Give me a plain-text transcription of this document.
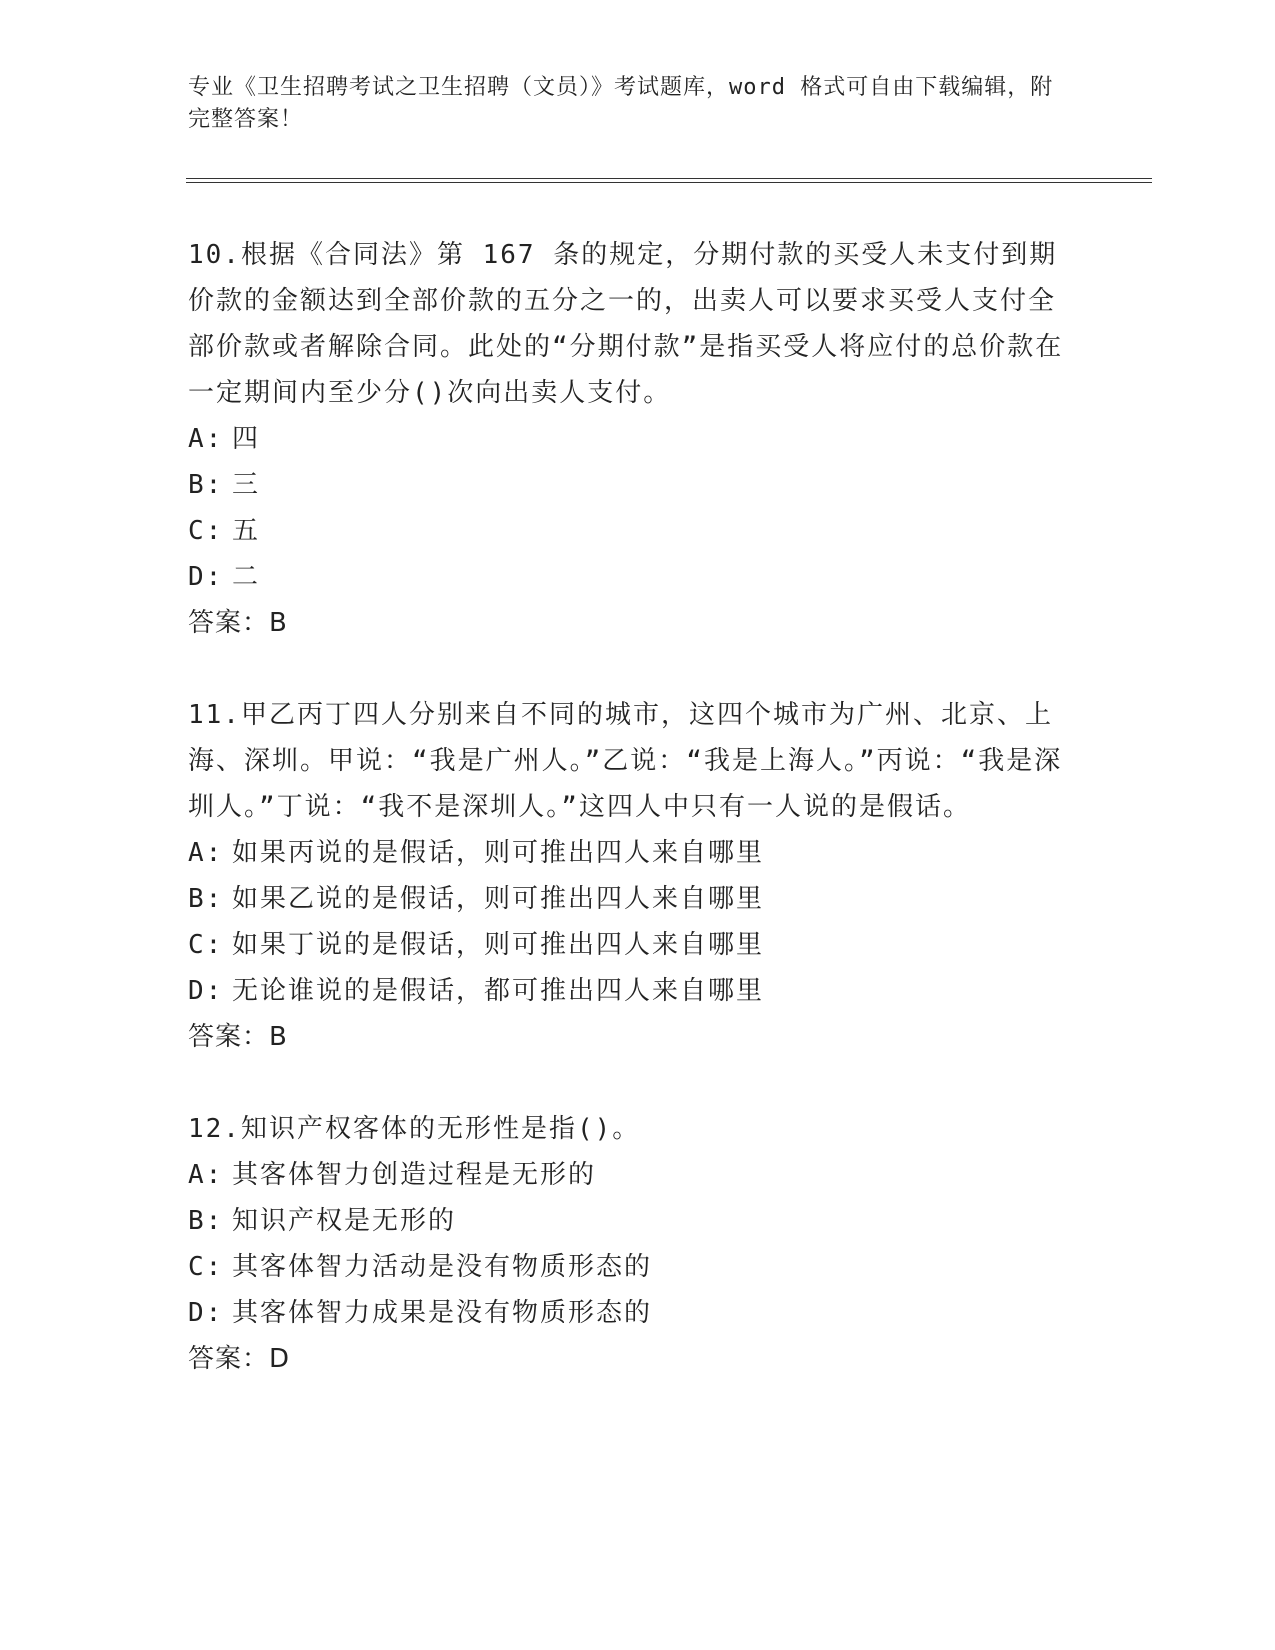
专业《卫生招聘考试之卫生招聘（文员）》考试题库，word 格式可自由下载编辑，附完整答案！
10.根据《合同法》第 167 条的规定，分期付款的买受人未支付到期价款的金额达到全部价款的五分之一的，出卖人可以要求买受人支付全部价款或者解除合同。此处的“分期付款”是指买受人将应付的总价款在一定期间内至少分()次向出卖人支付。
A: 四
B: 三
C: 五
D: 二
答案：B
11.甲乙丙丁四人分别来自不同的城市，这四个城市为广州、北京、上海、深圳。甲说：“我是广州人。”乙说：“我是上海人。”丙说：“我是深圳人。”丁说：“我不是深圳人。”这四人中只有一人说的是假话。
A: 如果丙说的是假话，则可推出四人来自哪里
B: 如果乙说的是假话，则可推出四人来自哪里
C: 如果丁说的是假话，则可推出四人来自哪里
D: 无论谁说的是假话，都可推出四人来自哪里
答案：B
12.知识产权客体的无形性是指()。
A: 其客体智力创造过程是无形的
B: 知识产权是无形的
C: 其客体智力活动是没有物质形态的
D: 其客体智力成果是没有物质形态的
答案：D
